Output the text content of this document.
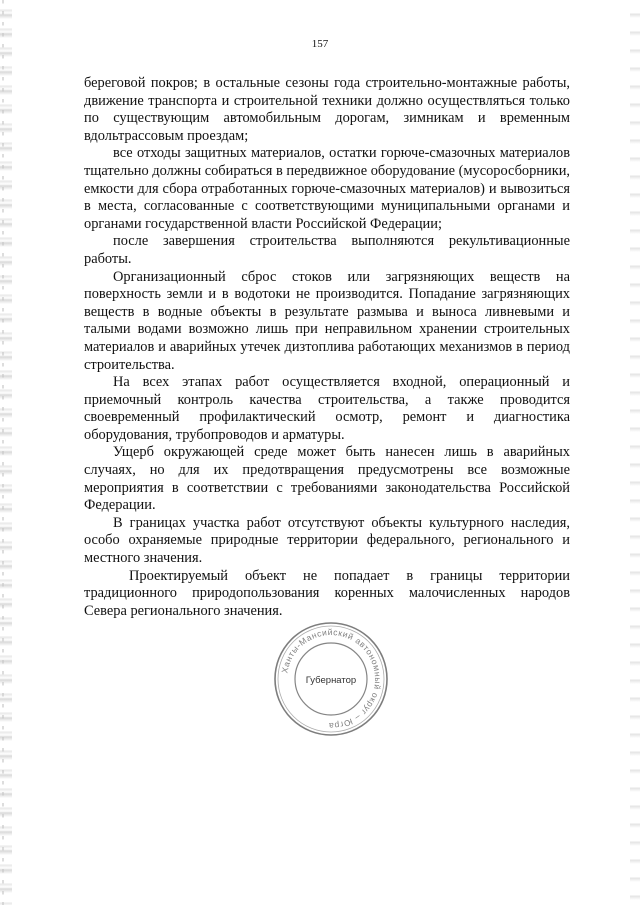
157

береговой покров; в остальные сезоны года строительно-монтажные работы, движение транспорта и строительной техники должно осуществляться только по существующим автомобильным дорогам, зимникам и временным вдольтрассовым проездам;

все отходы защитных материалов, остатки горюче-смазочных материалов тщательно должны собираться в передвижное оборудование (мусоросборники, емкости для сбора отработанных горюче-смазочных материалов) и вывозиться в места, согласованные с соответствующими муниципальными органами и органами государственной власти Российской Федерации;

после завершения строительства выполняются рекультивационные работы.

Организационный сброс стоков или загрязняющих веществ на поверхность земли и в водотоки не производится. Попадание загрязняющих веществ в водные объекты в результате размыва и выноса ливневыми и талыми водами возможно лишь при неправильном хранении строительных материалов и аварийных утечек дизтоплива работающих механизмов в период строительства.

На всех этапах работ осуществляется входной, операционный и приемочный контроль качества строительства, а также проводится своевременный профилактический осмотр, ремонт и диагностика оборудования, трубопроводов и арматуры.

Ущерб окружающей среде может быть нанесен лишь в аварийных случаях, но для их предотвращения предусмотрены все возможные мероприятия в соответствии с требованиями законодательства Российской Федерации.

В границах участка работ отсутствуют объекты культурного наследия, особо охраняемые природные территории федерального, регионального и местного значения.

Проектируемый объект не попадает в границы территории традиционного природопользования коренных малочисленных народов Севера регионального значения.

Ханты-Мансийский автономный округ – Югра
Губернатор
